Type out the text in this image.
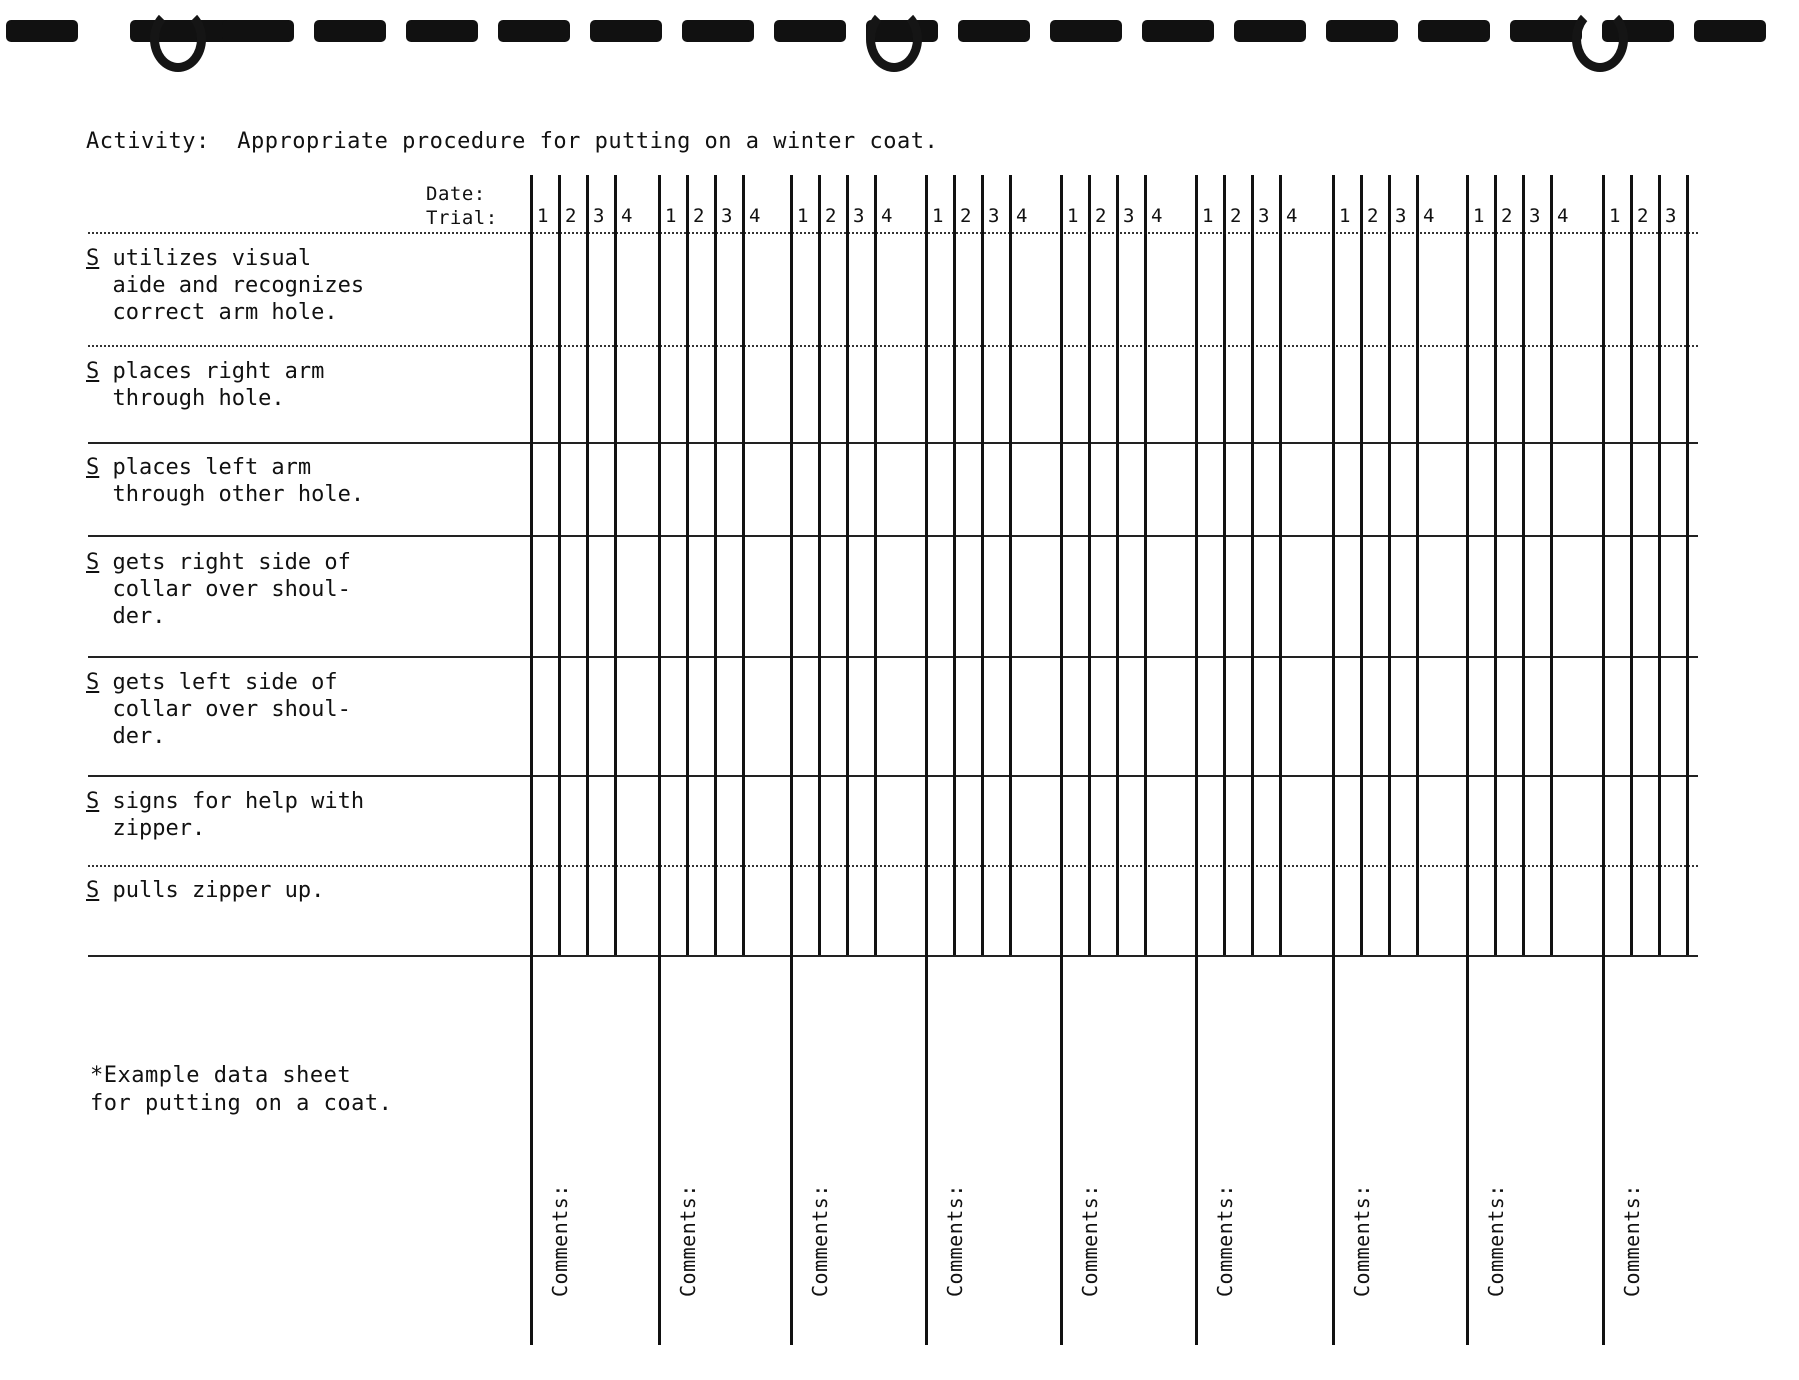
Activity: Appropriate procedure for putting on a winter coat.
Date:
Trial: 1 2 3 4 1 2 3 4 1 2 3 4 1 2 3 4 1 2 3 4 1 2 3 4 1 2 3 4 1 2 3 4 1 2 3
S utilizes visual
aide and recognizes
correct arm hole.
S places right arm
through hole.
S places left arm
through other hole.
S gets right side of
collar over shoul-
der.
S gets left side of
collar over shoul-
der.
S signs for help with
zipper.
S pulls zipper up.
Comments:	Comments:	Comments:	Comments:	Comments:	Comments:	Comments:	Comments:	Comments:
*Example data sheet
for putting on a coat.
